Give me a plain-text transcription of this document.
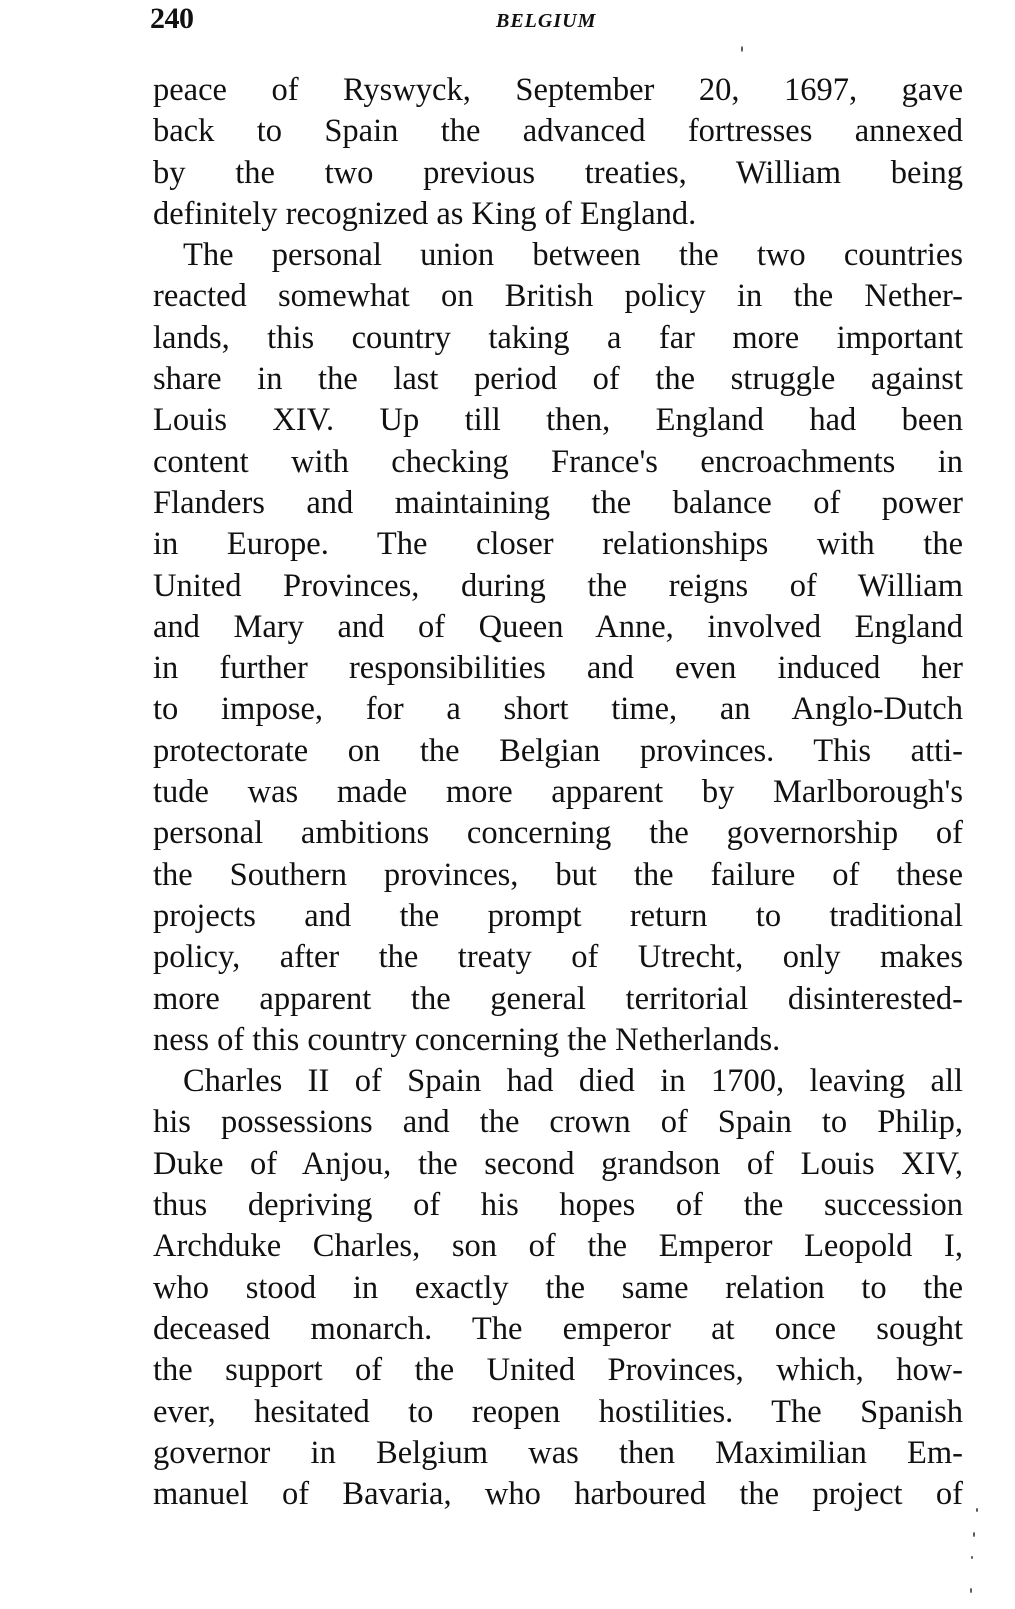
240	BELGIUM
peace of Ryswyck, September 20, 1697, gave
back to Spain the advanced fortresses annexed
by the two previous treaties, William being
definitely recognized as King of England.
The personal union between the two countries
reacted somewhat on British policy in the Nether-
lands, this country taking a far more important
share in the last period of the struggle against
Louis XIV. Up till then, England had been
content with checking France's encroachments in
Flanders and maintaining the balance of power
in Europe. The closer relationships with the
United Provinces, during the reigns of William
and Mary and of Queen Anne, involved England
in further responsibilities and even induced her
to impose, for a short time, an Anglo-Dutch
protectorate on the Belgian provinces. This atti-
tude was made more apparent by Marlborough's
personal ambitions concerning the governorship of
the Southern provinces, but the failure of these
projects and the prompt return to traditional
policy, after the treaty of Utrecht, only makes
more apparent the general territorial disinterested-
ness of this country concerning the Netherlands.
Charles II of Spain had died in 1700, leaving all
his possessions and the crown of Spain to Philip,
Duke of Anjou, the second grandson of Louis XIV,
thus depriving of his hopes of the succession
Archduke Charles, son of the Emperor Leopold I,
who stood in exactly the same relation to the
deceased monarch. The emperor at once sought
the support of the United Provinces, which, how-
ever, hesitated to reopen hostilities. The Spanish
governor in Belgium was then Maximilian Em-
manuel of Bavaria, who harboured the project of
